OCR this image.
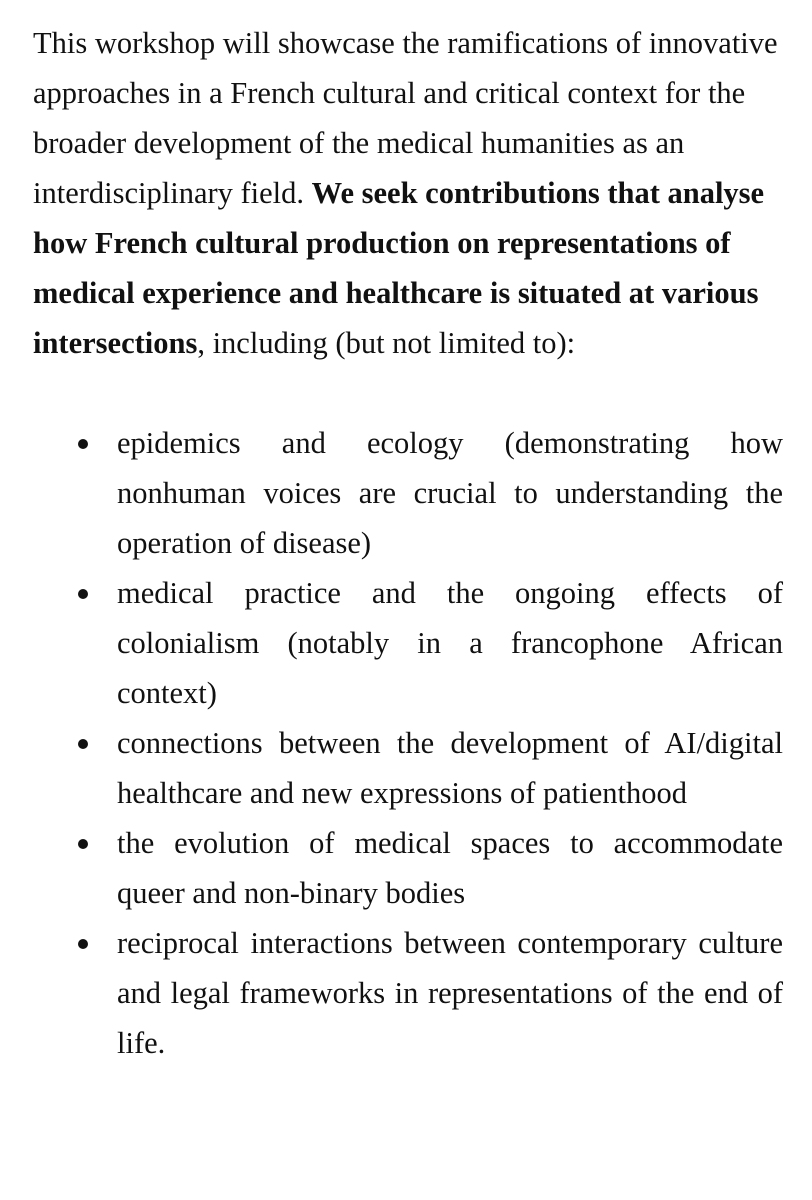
This workshop will showcase the ramifications of innovative approaches in a French cultural and critical context for the broader development of the medical humanities as an interdisciplinary field. We seek contributions that analyse how French cultural production on representations of medical experience and healthcare is situated at various intersections, including (but not limited to):

epidemics and ecology (demonstrating how nonhuman voices are crucial to understanding the operation of disease)
medical practice and the ongoing effects of colonialism (notably in a francophone African context)
connections between the development of AI/digital healthcare and new expressions of patienthood
the evolution of medical spaces to accommodate queer and non-binary bodies
reciprocal interactions between contemporary culture and legal frameworks in representations of the end of life.
